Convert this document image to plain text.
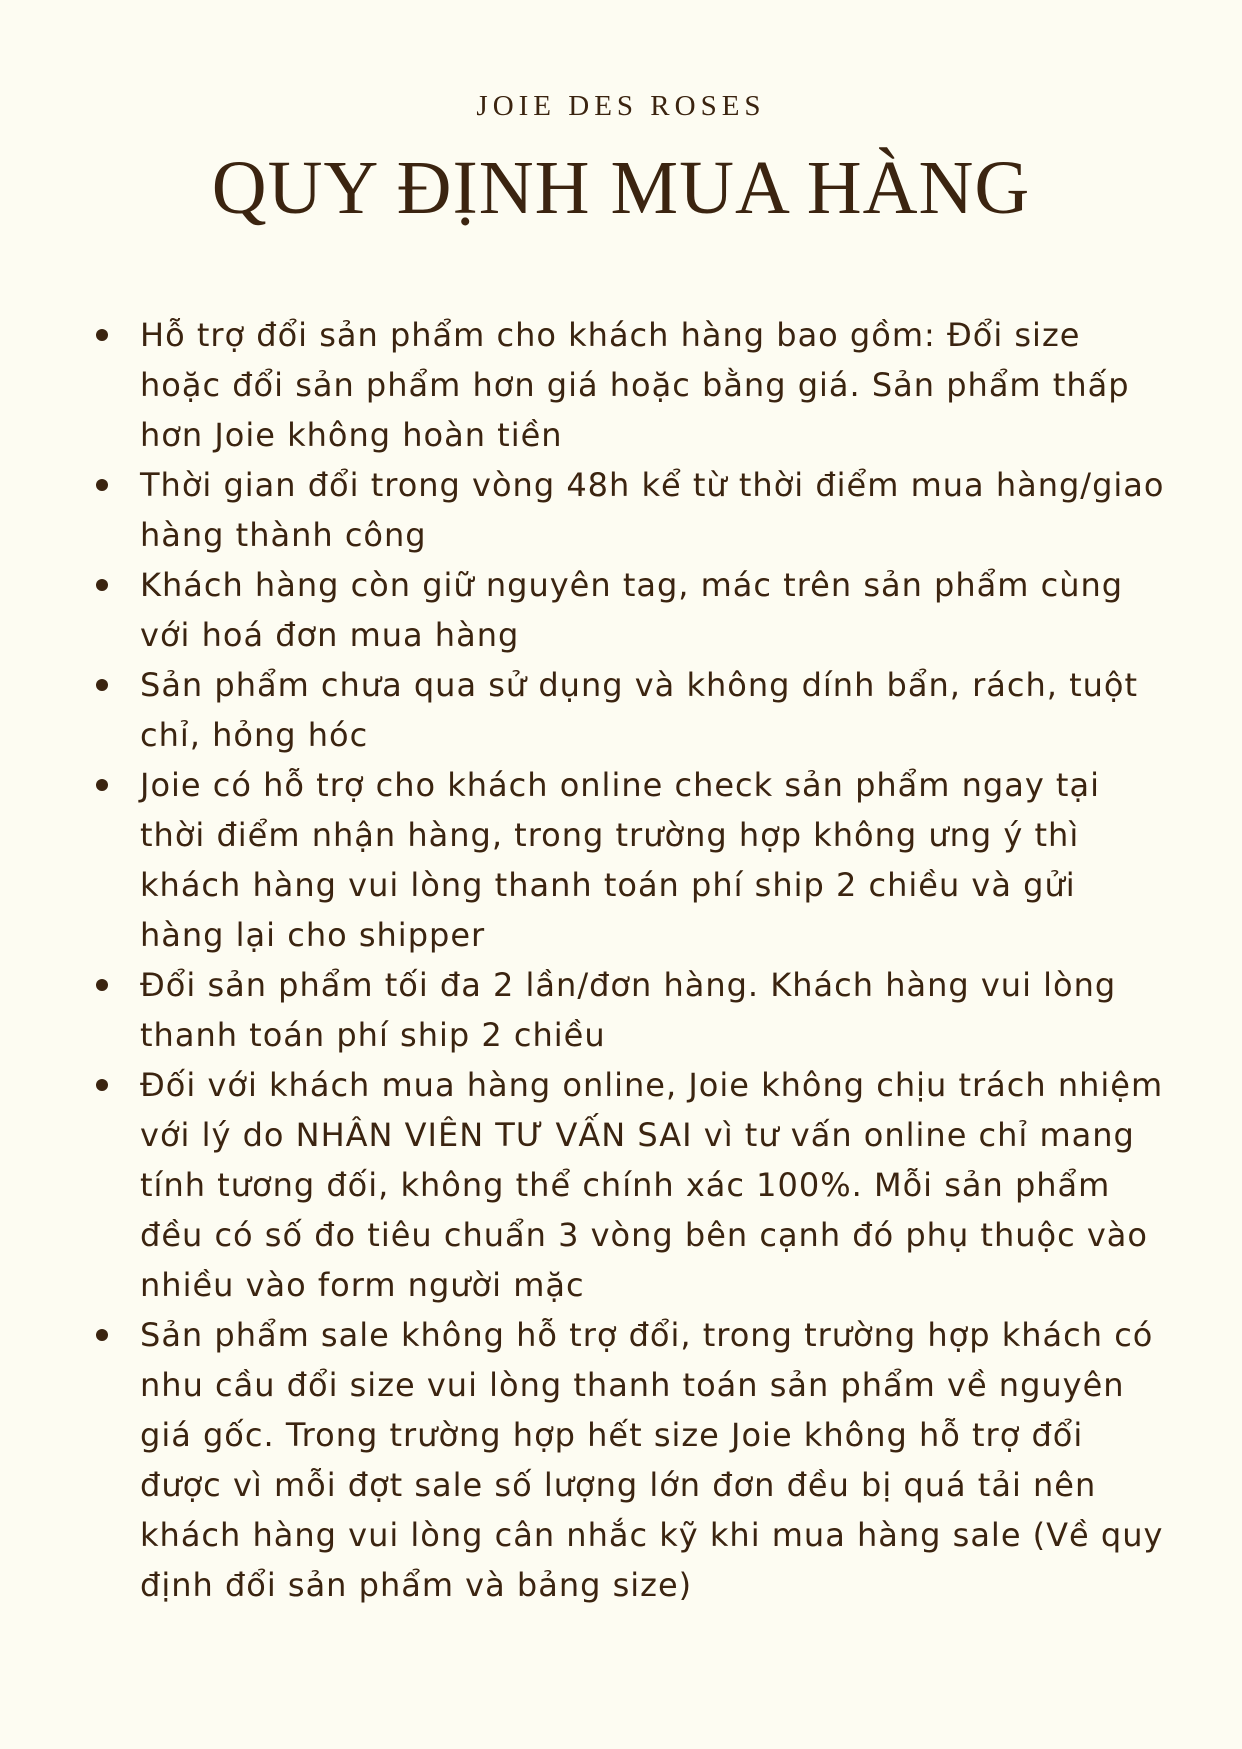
JOIE DES ROSES
QUY ĐỊNH MUA HÀNG
Hỗ trợ đổi sản phẩm cho khách hàng bao gồm: Đổi size hoặc đổi sản phẩm hơn giá hoặc bằng giá. Sản phẩm thấp hơn Joie không hoàn tiền
Thời gian đổi trong vòng 48h kể từ thời điểm mua hàng/giao hàng thành công
Khách hàng còn giữ nguyên tag, mác trên sản phẩm cùng với hoá đơn mua hàng
Sản phẩm chưa qua sử dụng và không dính bẩn, rách, tuột chỉ, hỏng hóc
Joie có hỗ trợ cho khách online check sản phẩm ngay tại thời điểm nhận hàng, trong trường hợp không ưng ý thì khách hàng vui lòng thanh toán phí ship 2 chiều và gửi hàng lại cho shipper
Đổi sản phẩm tối đa 2 lần/đơn hàng. Khách hàng vui lòng thanh toán phí ship 2 chiều
Đối với khách mua hàng online, Joie không chịu trách nhiệm với lý do NHÂN VIÊN TƯ VẤN SAI vì tư vấn online chỉ mang tính tương đối, không thể chính xác 100%. Mỗi sản phẩm đều có số đo tiêu chuẩn 3 vòng bên cạnh đó phụ thuộc vào nhiều vào form người mặc
Sản phẩm sale không hỗ trợ đổi, trong trường hợp khách có nhu cầu đổi size vui lòng thanh toán sản phẩm về nguyên giá gốc. Trong trường hợp hết size Joie không hỗ trợ đổi được vì mỗi đợt sale số lượng lớn đơn đều bị quá tải nên khách hàng vui lòng cân nhắc kỹ khi mua hàng sale (Về quy định đổi sản phẩm và bảng size)
